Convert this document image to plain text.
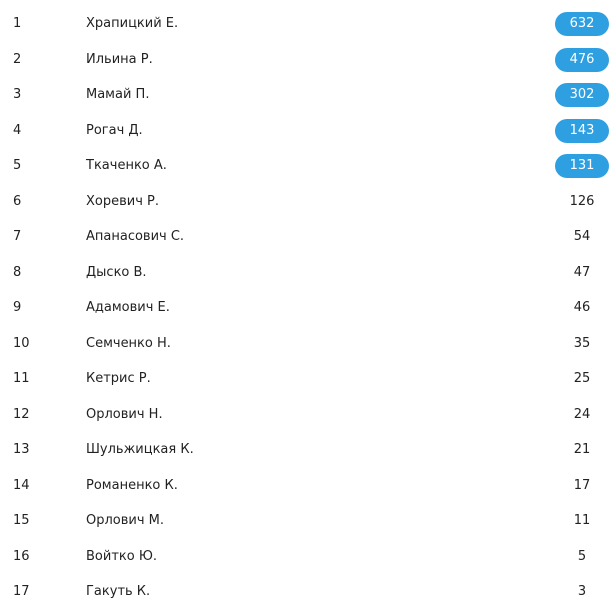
1	Храпицкий Е.	632
2	Ильина Р.	476
3	Мамай П.	302
4	Рогач Д.	143
5	Ткаченко А.	131
6	Хоревич Р.	126
7	Апанасович С.	54
8	Дыско В.	47
9	Адамович Е.	46
10	Семченко Н.	35
11	Кетрис Р.	25
12	Орлович Н.	24
13	Шульжицкая К.	21
14	Романенко К.	17
15	Орлович М.	11
16	Войтко Ю.	5
17	Гакуть К.	3
